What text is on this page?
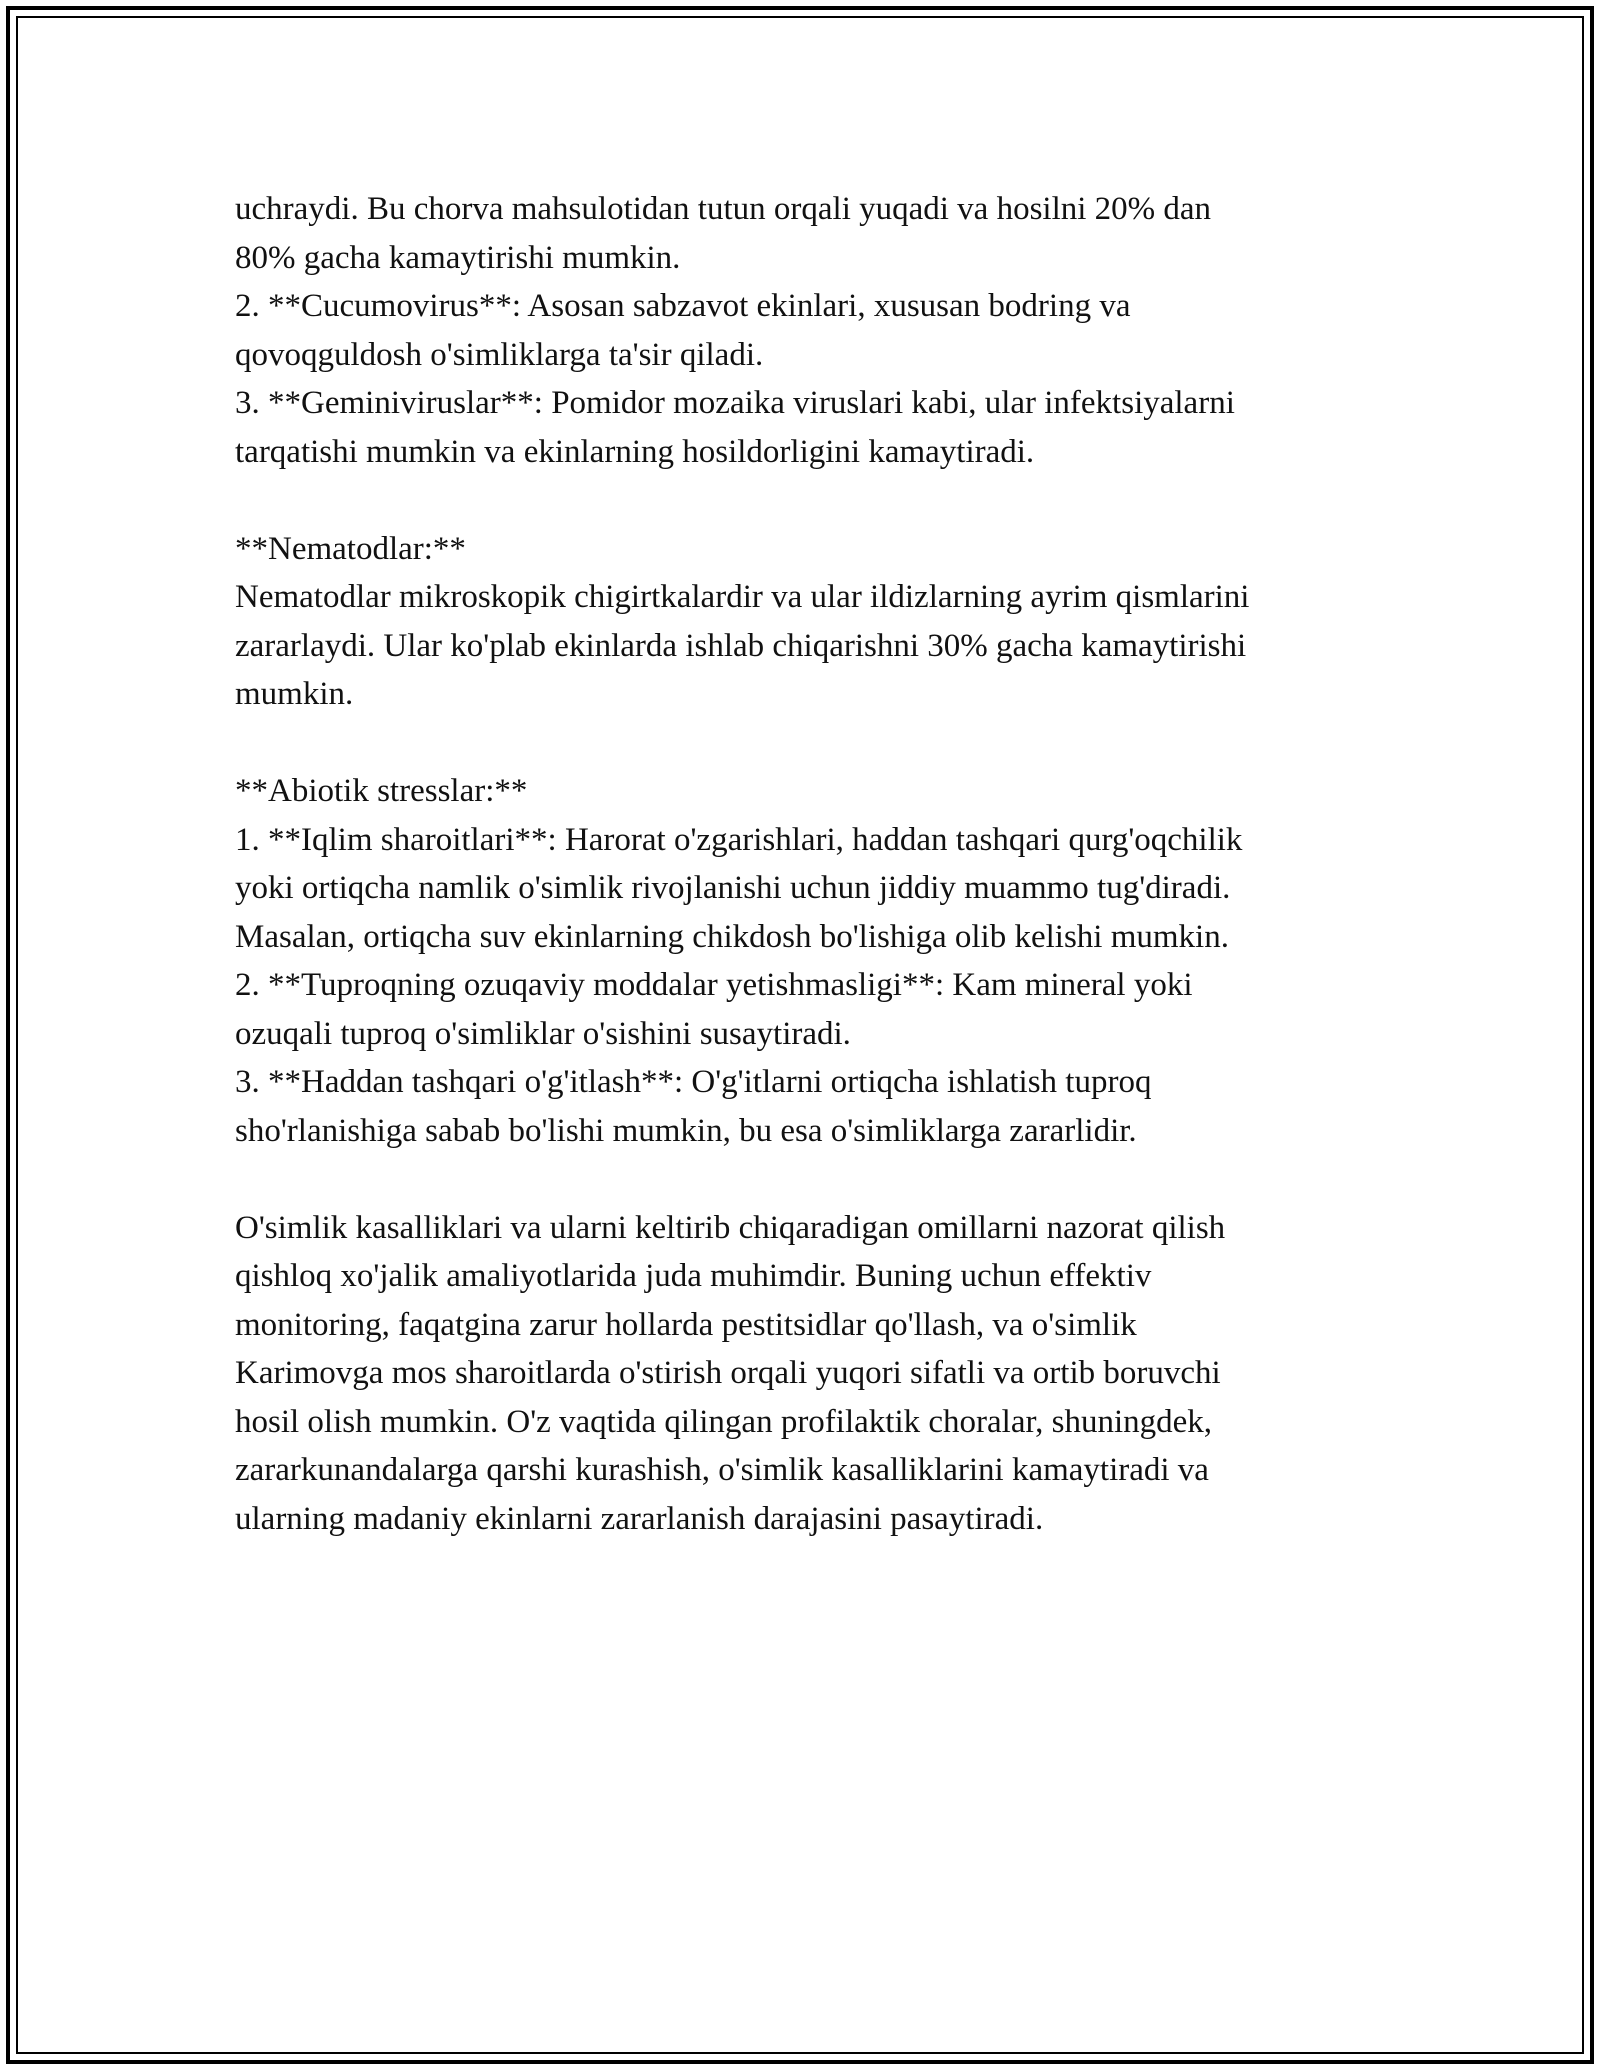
uchraydi. Bu chorva mahsulotidan tutun orqali yuqadi va hosilni 20% dan
80% gacha kamaytirishi mumkin.
2. **Cucumovirus**: Asosan sabzavot ekinlari, xususan bodring va
qovoqguldosh o'simliklarga ta'sir qiladi.
3. **Geminiviruslar**: Pomidor mozaika viruslari kabi, ular infektsiyalarni
tarqatishi mumkin va ekinlarning hosildorligini kamaytiradi.
**Nematodlar:**
Nematodlar mikroskopik chigirtkalardir va ular ildizlarning ayrim qismlarini
zararlaydi. Ular ko'plab ekinlarda ishlab chiqarishni 30% gacha kamaytirishi
mumkin.
**Abiotik stresslar:**
1. **Iqlim sharoitlari**: Harorat o'zgarishlari, haddan tashqari qurg'oqchilik
yoki ortiqcha namlik o'simlik rivojlanishi uchun jiddiy muammo tug'diradi.
Masalan, ortiqcha suv ekinlarning chikdosh bo'lishiga olib kelishi mumkin.
2. **Tuproqning ozuqaviy moddalar yetishmasligi**: Kam mineral yoki
ozuqali tuproq o'simliklar o'sishini susaytiradi.
3. **Haddan tashqari o'g'itlash**: O'g'itlarni ortiqcha ishlatish tuproq
sho'rlanishiga sabab bo'lishi mumkin, bu esa o'simliklarga zararlidir.
O'simlik kasalliklari va ularni keltirib chiqaradigan omillarni nazorat qilish
qishloq xo'jalik amaliyotlarida juda muhimdir. Buning uchun effektiv
monitoring, faqatgina zarur hollarda pestitsidlar qo'llash, va o'simlik
Karimovga mos sharoitlarda o'stirish orqali yuqori sifatli va ortib boruvchi
hosil olish mumkin. O'z vaqtida qilingan profilaktik choralar, shuningdek,
zararkunandalarga qarshi kurashish, o'simlik kasalliklarini kamaytiradi va
ularning madaniy ekinlarni zararlanish darajasini pasaytiradi.
